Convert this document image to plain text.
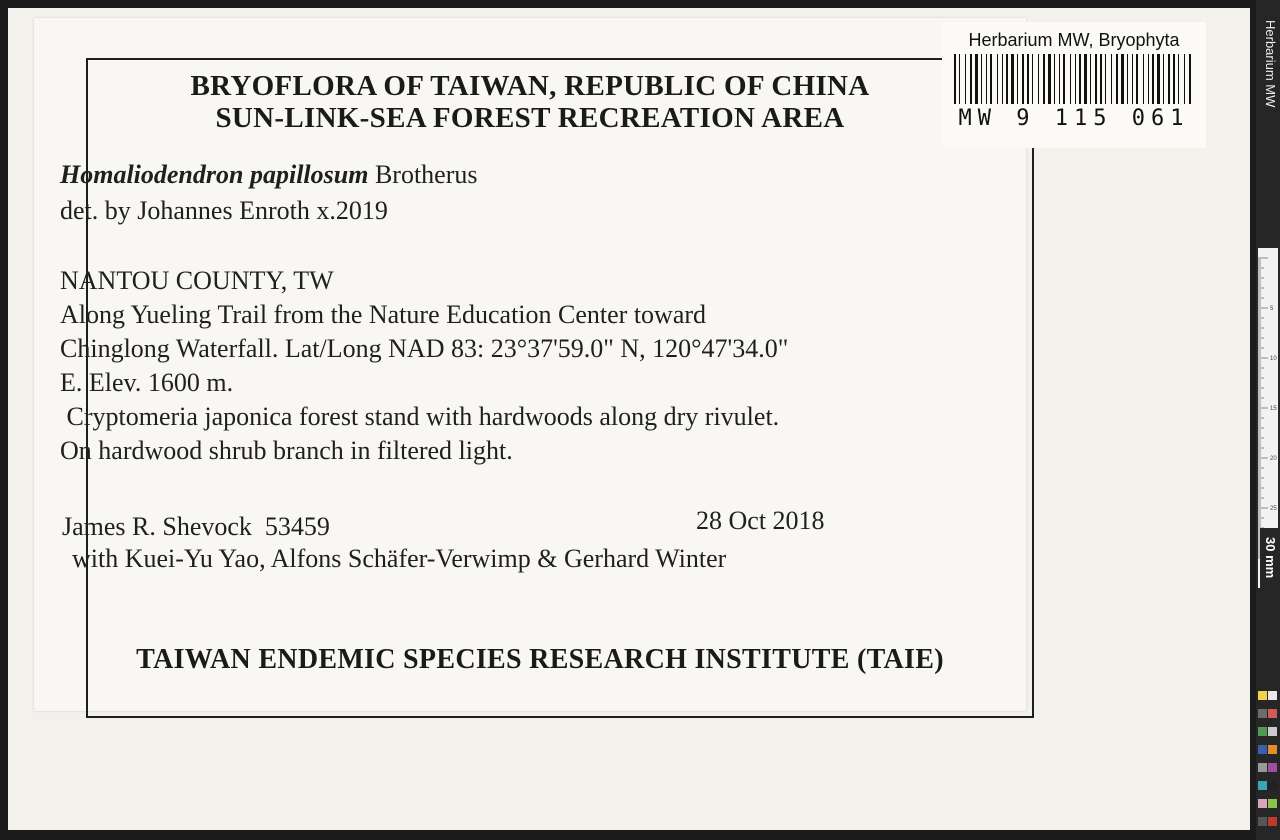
BRYOFLORA OF TAIWAN, REPUBLIC OF CHINA
SUN-LINK-SEA FOREST RECREATION AREA
Homaliodendron papillosum Brotherus
det. by Johannes Enroth x.2019
NANTOU COUNTY, TW
Along Yueling Trail from the Nature Education Center toward
Chinglong Waterfall. Lat/Long NAD 83: 23°37'59.0" N, 120°47'34.0"
E. Elev. 1600 m.
Cryptomeria japonica forest stand with hardwoods along dry rivulet.
On hardwood shrub branch in filtered light.
James R. Shevock  53459	28 Oct 2018
with Kuei-Yu Yao, Alfons Schäfer-Verwimp & Gerhard Winter
TAIWAN ENDEMIC SPECIES RESEARCH INSTITUTE (TAIE)
Herbarium MW, Bryophyta
MW 9 115 061
Herbarium MW
5
10
15
20
25
30 mm
